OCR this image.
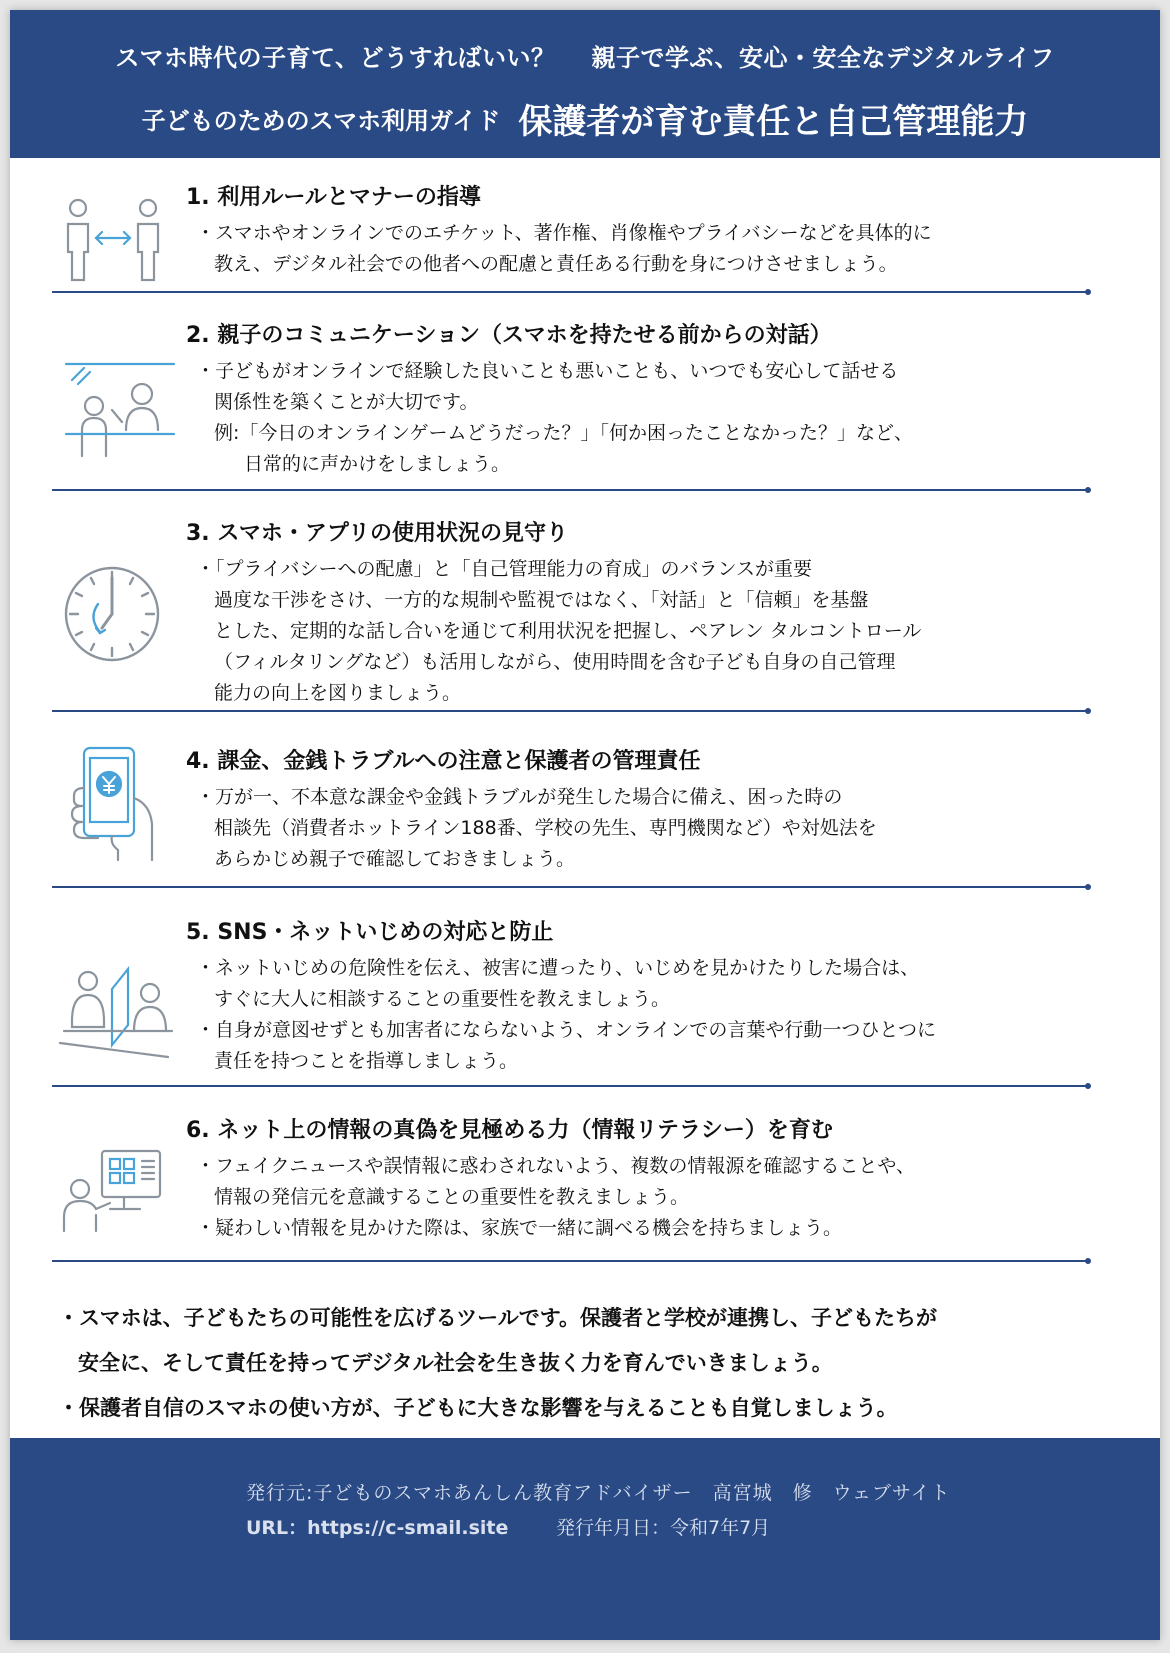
スマホ時代の子育て、どうすればいい？ 親子で学ぶ、安心・安全なデジタルライフ
子どものためのスマホ利用ガイド 保護者が育む責任と自己管理能力
1. 利用ルールとマナーの指導

・スマホやオンラインでのエチケット、著作権、肖像権やプライバシーなどを具体的に

教え、デジタル社会での他者への配慮と責任ある行動を身につけさせましょう。

2. 親子のコミュニケーション（スマホを持たせる前からの対話）

・子どもがオンラインで経験した良いことも悪いことも、いつでも安心して話せる

関係性を築くことが大切です。

例:「今日のオンラインゲームどうだった？」「何か困ったことなかった？」など、

日常的に声かけをしましょう。

3. スマホ・アプリの使用状況の見守り

・「プライバシーへの配慮」と「自己管理能力の育成」のバランスが重要

過度な干渉をさけ、一方的な規制や監視ではなく、「対話」と「信頼」を基盤

とした、定期的な話し合いを通じて利用状況を把握し、ペアレン タルコントロール

（フィルタリングなど）も活用しながら、使用時間を含む子ども自身の自己管理

能力の向上を図りましょう。

4. 課金、金銭トラブルへの注意と保護者の管理責任

・万が一、不本意な課金や金銭トラブルが発生した場合に備え、困った時の

相談先（消費者ホットライン188番、学校の先生、専門機関など）や対処法を

あらかじめ親子で確認しておきましょう。

5. SNS・ネットいじめの対応と防止

・ネットいじめの危険性を伝え、被害に遭ったり、いじめを見かけたりした場合は、

すぐに大人に相談することの重要性を教えましょう。

・自身が意図せずとも加害者にならないよう、オンラインでの言葉や行動一つひとつに

責任を持つことを指導しましょう。

6. ネット上の情報の真偽を見極める力（情報リテラシー）を育む

・フェイクニュースや誤情報に惑わされないよう、複数の情報源を確認することや、

情報の発信元を意識することの重要性を教えましょう。

・疑わしい情報を見かけた際は、家族で一緒に調べる機会を持ちましょう。

・スマホは、子どもたちの可能性を広げるツールです。保護者と学校が連携し、子どもたちが

安全に、そして責任を持ってデジタル社会を生き抜く力を育んでいきましょう。

・保護者自信のスマホの使い方が、子どもに大きな影響を与えることも自覚しましょう。

発行元:子どものスマホあんしん教育アドバイザー　高宮城　修　ウェブサイト
URL：https://c-smail.site	発行年月日：令和7年7月
